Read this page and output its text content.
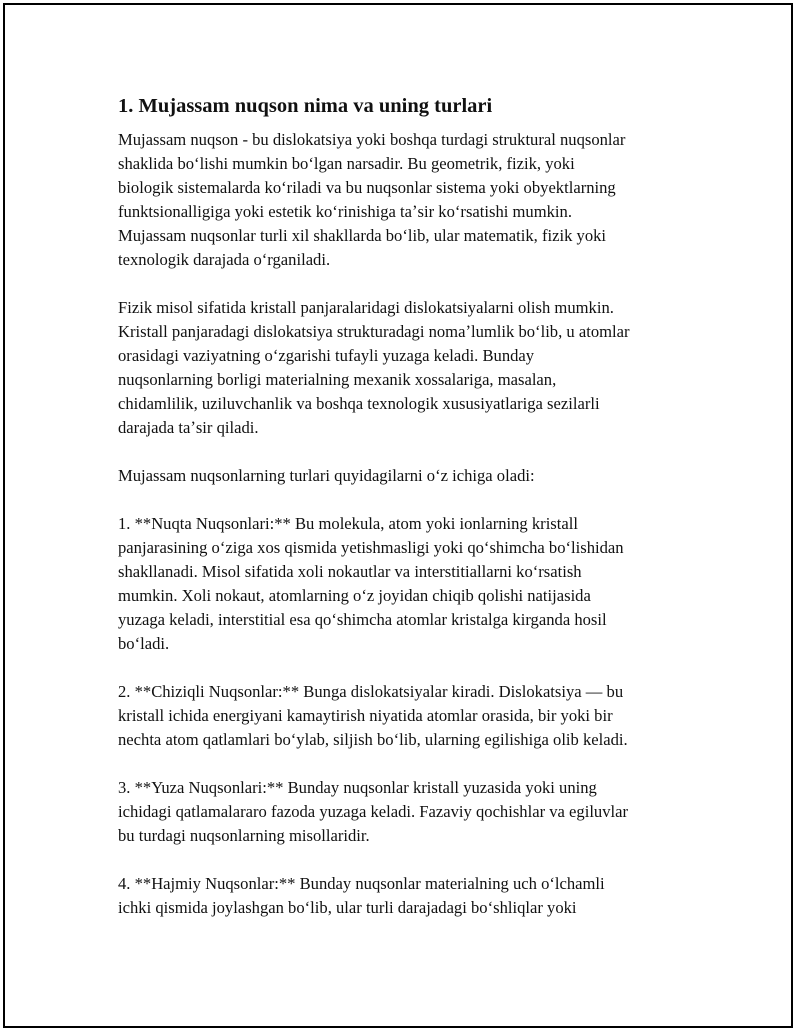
1. Mujassam nuqson nima va uning turlari

Mujassam nuqson - bu dislokatsiya yoki boshqa turdagi struktural nuqsonlar
shaklida boʻlishi mumkin boʻlgan narsadir. Bu geometrik, fizik, yoki
biologik sistemalarda koʻriladi va bu nuqsonlar sistema yoki obyektlarning
funktsionalligiga yoki estetik koʻrinishiga taʼsir koʻrsatishi mumkin.
Mujassam nuqsonlar turli xil shakllarda boʻlib, ular matematik, fizik yoki
texnologik darajada oʻrganiladi.

Fizik misol sifatida kristall panjaralaridagi dislokatsiyalarni olish mumkin.
Kristall panjaradagi dislokatsiya strukturadagi nomaʼlumlik boʻlib, u atomlar
orasidagi vaziyatning oʻzgarishi tufayli yuzaga keladi. Bunday
nuqsonlarning borligi materialning mexanik xossalariga, masalan,
chidamlilik, uziluvchanlik va boshqa texnologik xususiyatlariga sezilarli
darajada taʼsir qiladi.

Mujassam nuqsonlarning turlari quyidagilarni oʻz ichiga oladi:

1. **Nuqta Nuqsonlari:** Bu molekula, atom yoki ionlarning kristall
panjarasining oʻziga xos qismida yetishmasligi yoki qoʻshimcha boʻlishidan
shakllanadi. Misol sifatida xoli nokautlar va interstitiallarni koʻrsatish
mumkin. Xoli nokaut, atomlarning oʻz joyidan chiqib qolishi natijasida
yuzaga keladi, interstitial esa qoʻshimcha atomlar kristalga kirganda hosil
boʻladi.

2. **Chiziqli Nuqsonlar:** Bunga dislokatsiyalar kiradi. Dislokatsiya — bu
kristall ichida energiyani kamaytirish niyatida atomlar orasida, bir yoki bir
nechta atom qatlamlari boʻylab, siljish boʻlib, ularning egilishiga olib keladi.

3. **Yuza Nuqsonlari:** Bunday nuqsonlar kristall yuzasida yoki uning
ichidagi qatlamalararo fazoda yuzaga keladi. Fazaviy qochishlar va egiluvlar
bu turdagi nuqsonlarning misollaridir.

4. **Hajmiy Nuqsonlar:** Bunday nuqsonlar materialning uch oʻlchamli
ichki qismida joylashgan boʻlib, ular turli darajadagi boʻshliqlar yoki
